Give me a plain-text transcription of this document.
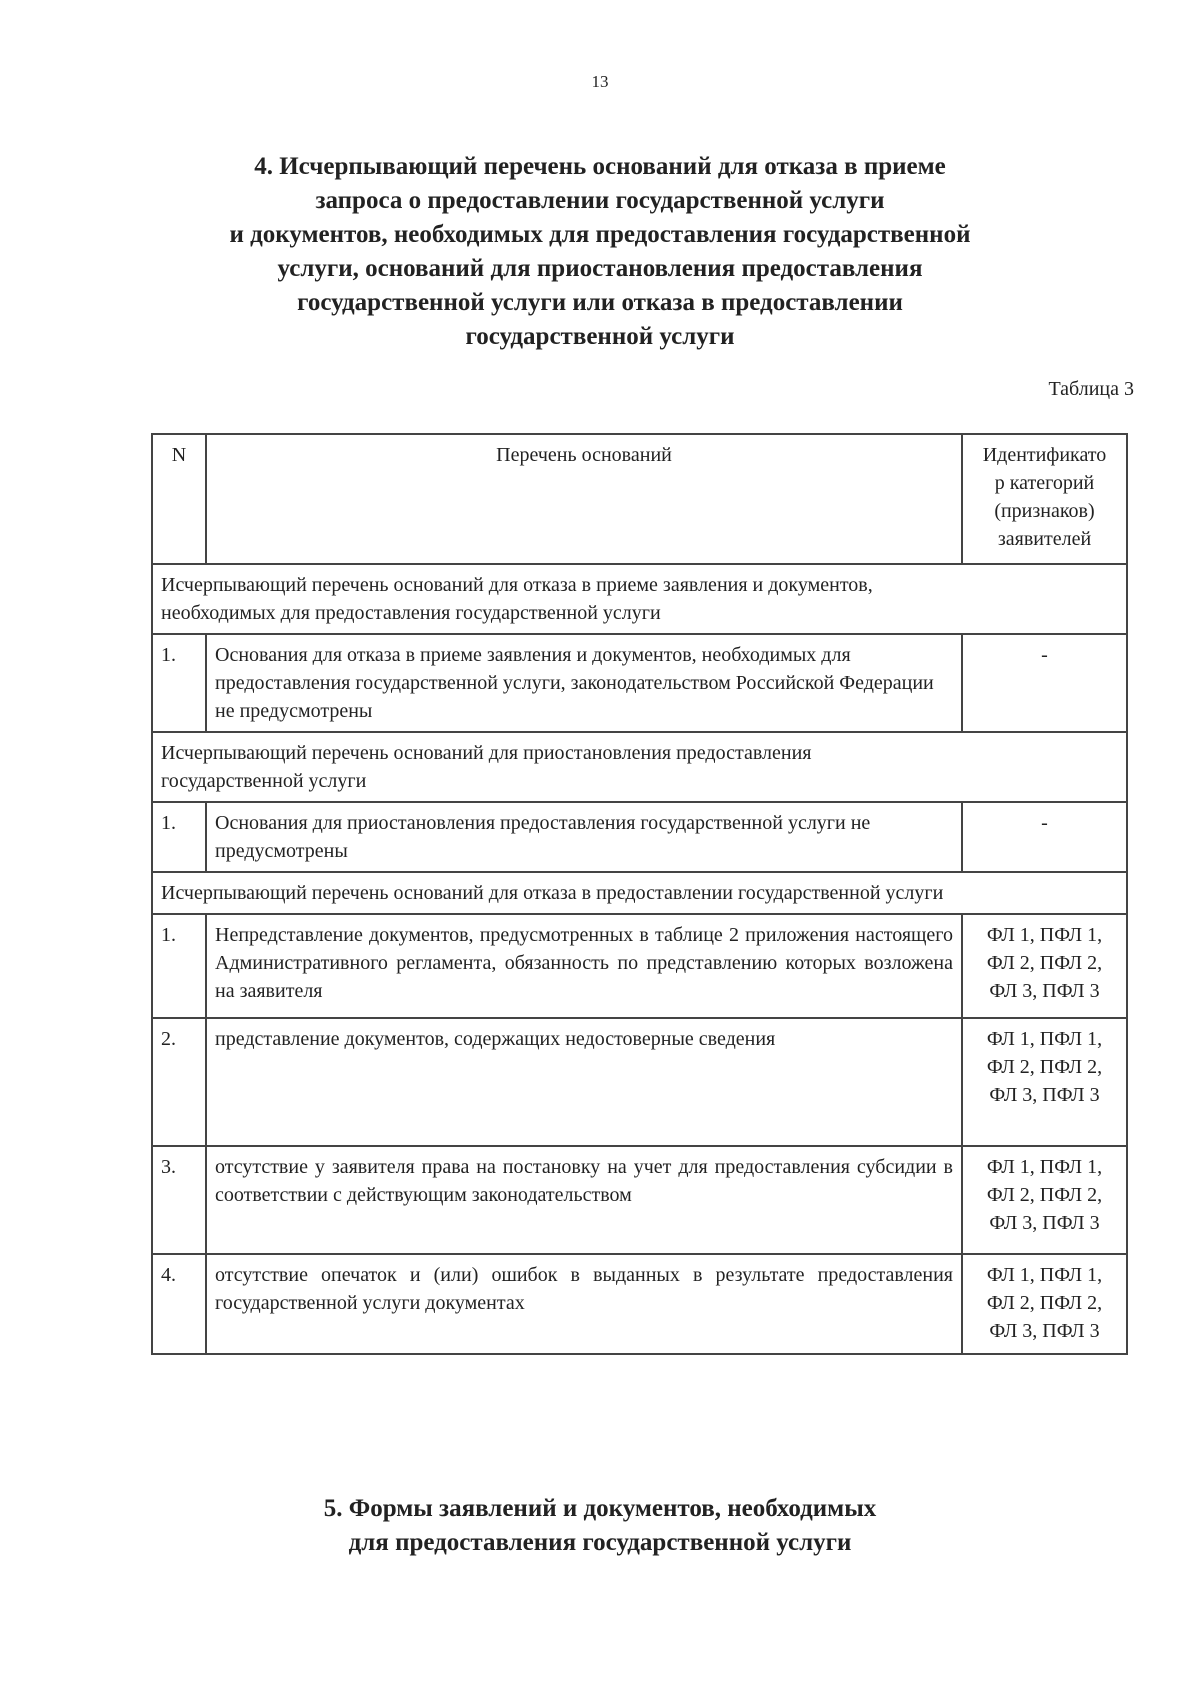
13
4. Исчерпывающий перечень оснований для отказа в приеме
запроса о предоставлении государственной услуги
и документов, необходимых для предоставления государственной
услуги, оснований для приостановления предоставления
государственной услуги или отказа в предоставлении
государственной услуги
Таблица 3
N	Перечень оснований	Идентификато
р категорий
(признаков)
заявителей

Исчерпывающий перечень оснований для отказа в приеме заявления и документов,
необходимых для предоставления государственной услуги		

1.	Основания для отказа в приеме заявления и документов, необходимых для предоставления государственной услуги, законодательством Российской Федерации не предусмотрены	-

Исчерпывающий перечень оснований для приостановления предоставления
государственной услуги		

1.	Основания для приостановления предоставления государственной услуги не предусмотрены	-

Исчерпывающий перечень оснований для отказа в предоставлении государственной услуги		

1.	Непредставление документов, предусмотренных в таблице 2 приложения настоящего Административного регламента, обязанность по представлению которых возложена на заявителя	ФЛ 1, ПФЛ 1,
ФЛ 2, ПФЛ 2,
ФЛ 3, ПФЛ 3

2.	представление документов, содержащих недостоверные сведения	ФЛ 1, ПФЛ 1,
ФЛ 2, ПФЛ 2,
ФЛ 3, ПФЛ 3

3.	отсутствие у заявителя права на постановку на учет для предоставления субсидии в соответствии с действующим законодательством	ФЛ 1, ПФЛ 1,
ФЛ 2, ПФЛ 2,
ФЛ 3, ПФЛ 3

4.	отсутствие опечаток и (или) ошибок в выданных в результате предоставления государственной услуги документах	ФЛ 1, ПФЛ 1,
ФЛ 2, ПФЛ 2,
ФЛ 3, ПФЛ 3
5. Формы заявлений и документов, необходимых
для предоставления государственной услуги
